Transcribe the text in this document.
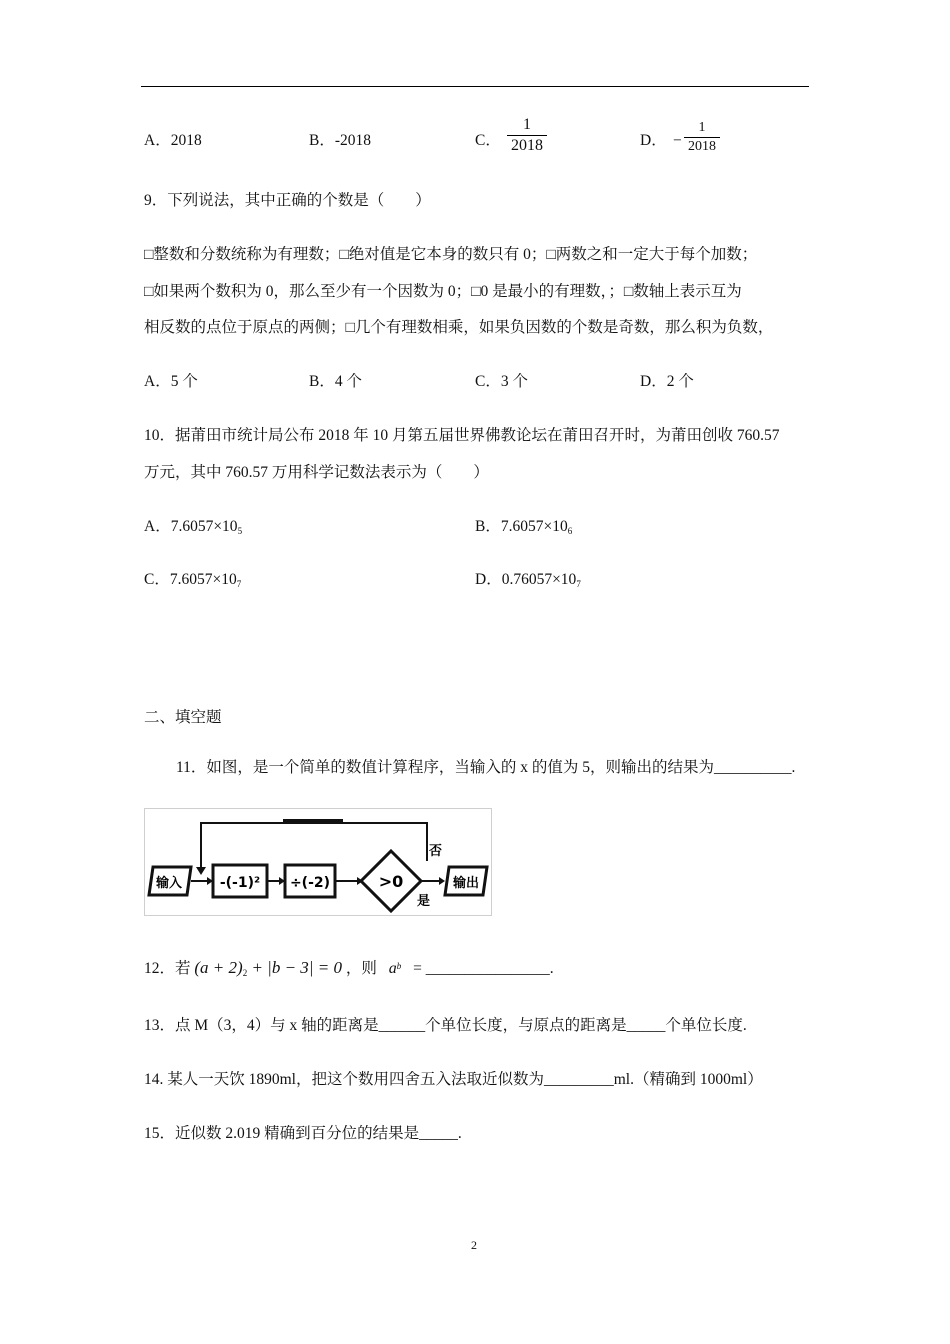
A．2018	B．-2018	C．
1
2018	D． −
1
2018
9．下列说法，其中正确的个数是（　　）
□整数和分数统称为有理数；□绝对值是它本身的数只有 0；□两数之和一定大于每个加数；
□如果两个数积为 0，那么至少有一个因数为 0；□0 是最小的有理数，；□数轴上表示互为
相反数的点位于原点的两侧；□几个有理数相乘，如果负因数的个数是奇数，那么积为负数，
A．5 个	B．4 个	C．3 个	D．2 个
10．据莆田市统计局公布 2018 年 10 月第五届世界佛教论坛在莆田召开时，为莆田创收 760.57
万元，其中 760.57 万用科学记数法表示为（　　）
A．$7.6057\times 10_5$	B．$7.6057\times 10_6$
C．$7.6057\times 10_7$	D．$0.76057\times 10_7$
二、填空题
11．如图，是一个简单的数值计算程序，当输入的 x 的值为 5，则输出的结果为__________.
输入	-(-1)² ÷(-2)	>0
否
是
输出
12．若 $(a + 2)_2 + |b - 3| = 0$ ，则 $a_b$ = ________________.
13．点 M（3，4）与 x 轴的距离是______个单位长度，与原点的距离是_____个单位长度.
14. 某人一天饮 1890ml，把这个数用四舍五入法取近似数为_________ml.（精确到 1000ml）
15．近似数 2.019 精确到百分位的结果是_____.
2
